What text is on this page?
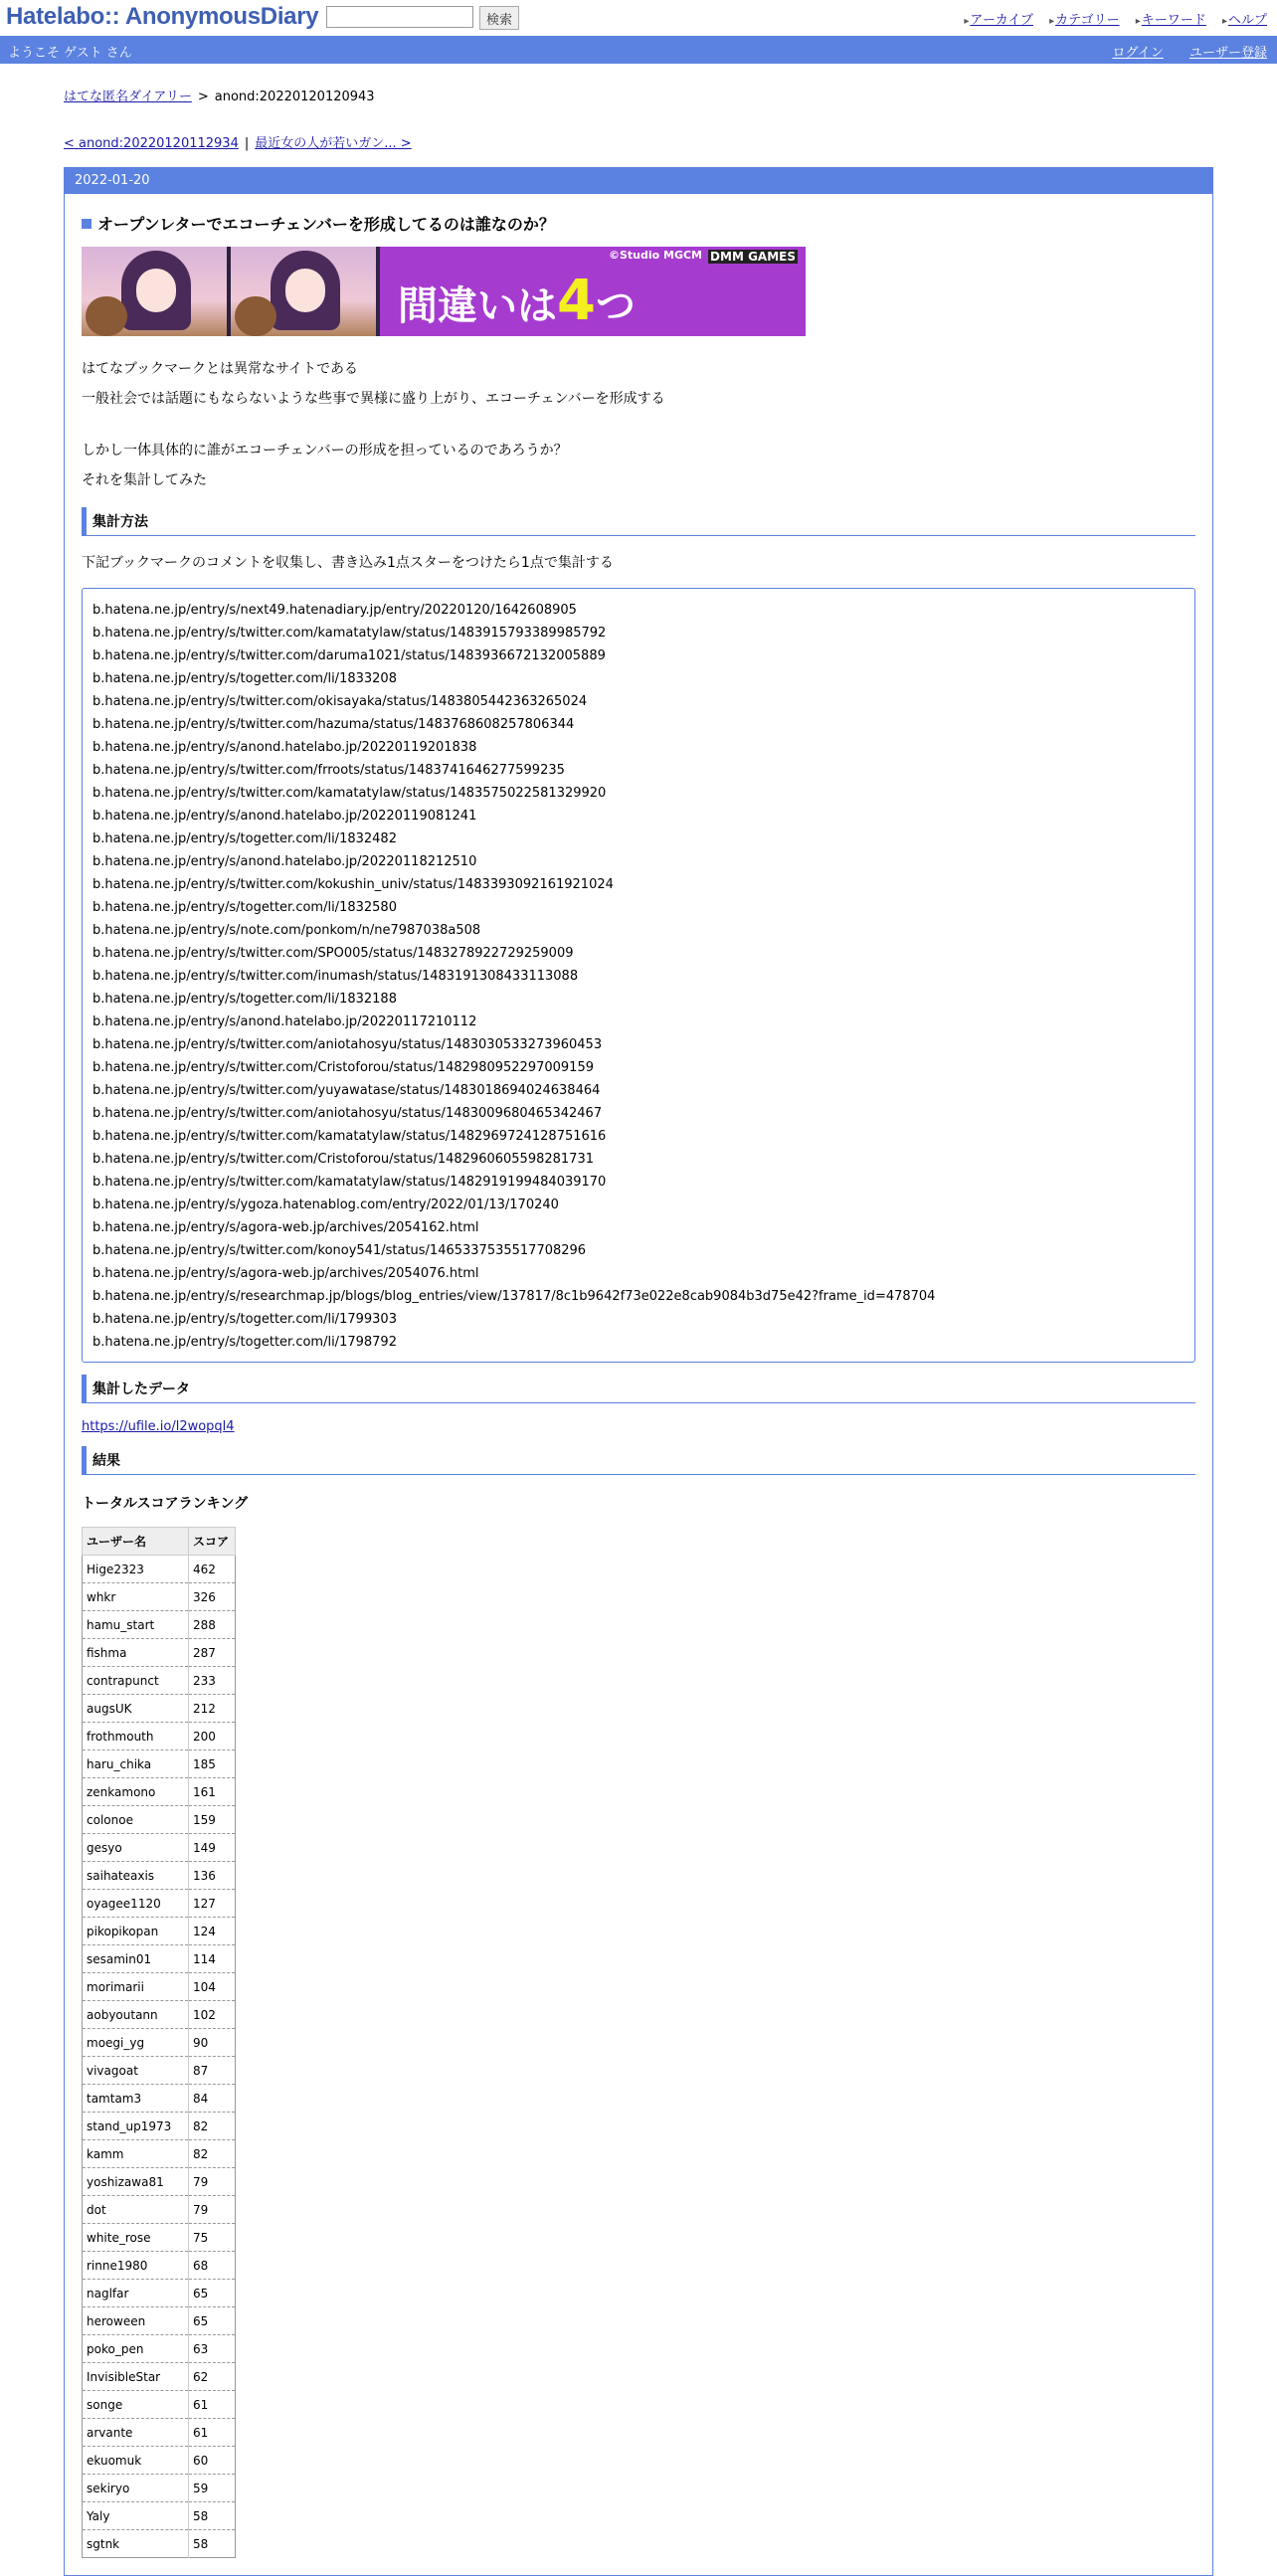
Hatelabo:: AnonymousDiary	検索	▸ アーカイブ ▸ カテゴリー ▸ キーワード ▸ ヘルプ
ようこそ ゲスト さん	ログイン ユーザー登録
はてな匿名ダイアリー > anond:20220120120943
< anond:20220120112934 | 最近女の人が若いガン... >
2022-01-20
オープンレターでエコーチェンバーを形成してるのは誰なのか？
©Studio MGCM DMM GAMES
間違いは4つ

はてなブックマークとは異常なサイトである

一般社会では話題にもならないような些事で異様に盛り上がり、エコーチェンバーを形成する

しかし一体具体的に誰がエコーチェンバーの形成を担っているのであろうか？

それを集計してみた

集計方法
下記ブックマークのコメントを収集し、書き込み1点スターをつけたら1点で集計する
b.hatena.ne.jp/entry/s/next49.hatenadiary.jp/entry/20220120/1642608905
b.hatena.ne.jp/entry/s/twitter.com/kamatatylaw/status/1483915793389985792
b.hatena.ne.jp/entry/s/twitter.com/daruma1021/status/1483936672132005889
b.hatena.ne.jp/entry/s/togetter.com/li/1833208
b.hatena.ne.jp/entry/s/twitter.com/okisayaka/status/1483805442363265024
b.hatena.ne.jp/entry/s/twitter.com/hazuma/status/1483768608257806344
b.hatena.ne.jp/entry/s/anond.hatelabo.jp/20220119201838
b.hatena.ne.jp/entry/s/twitter.com/frroots/status/1483741646277599235
b.hatena.ne.jp/entry/s/twitter.com/kamatatylaw/status/1483575022581329920
b.hatena.ne.jp/entry/s/anond.hatelabo.jp/20220119081241
b.hatena.ne.jp/entry/s/togetter.com/li/1832482
b.hatena.ne.jp/entry/s/anond.hatelabo.jp/20220118212510
b.hatena.ne.jp/entry/s/twitter.com/kokushin_univ/status/1483393092161921024
b.hatena.ne.jp/entry/s/togetter.com/li/1832580
b.hatena.ne.jp/entry/s/note.com/ponkom/n/ne7987038a508
b.hatena.ne.jp/entry/s/twitter.com/SPO005/status/1483278922729259009
b.hatena.ne.jp/entry/s/twitter.com/inumash/status/1483191308433113088
b.hatena.ne.jp/entry/s/togetter.com/li/1832188
b.hatena.ne.jp/entry/s/anond.hatelabo.jp/20220117210112
b.hatena.ne.jp/entry/s/twitter.com/aniotahosyu/status/1483030533273960453
b.hatena.ne.jp/entry/s/twitter.com/Cristoforou/status/1482980952297009159
b.hatena.ne.jp/entry/s/twitter.com/yuyawatase/status/1483018694024638464
b.hatena.ne.jp/entry/s/twitter.com/aniotahosyu/status/1483009680465342467
b.hatena.ne.jp/entry/s/twitter.com/kamatatylaw/status/1482969724128751616
b.hatena.ne.jp/entry/s/twitter.com/Cristoforou/status/1482960605598281731
b.hatena.ne.jp/entry/s/twitter.com/kamatatylaw/status/1482919199484039170
b.hatena.ne.jp/entry/s/ygoza.hatenablog.com/entry/2022/01/13/170240
b.hatena.ne.jp/entry/s/agora-web.jp/archives/2054162.html
b.hatena.ne.jp/entry/s/twitter.com/konoy541/status/1465337535517708296
b.hatena.ne.jp/entry/s/agora-web.jp/archives/2054076.html
b.hatena.ne.jp/entry/s/researchmap.jp/blogs/blog_entries/view/137817/8c1b9642f73e022e8cab9084b3d75e42?frame_id=478704
b.hatena.ne.jp/entry/s/togetter.com/li/1799303
b.hatena.ne.jp/entry/s/togetter.com/li/1798792
集計したデータ
https://ufile.io/l2wopql4
結果
トータルスコアランキング
ユーザー名	スコア
Hige2323	462
whkr	326
hamu_start	288
fishma	287
contrapunct	233
augsUK	212
frothmouth	200
haru_chika	185
zenkamono	161
colonoe	159
gesyo	149
saihateaxis	136
oyagee1120	127
pikopikopan	124
sesamin01	114
morimarii	104
aobyoutann	102
moegi_yg	90
vivagoat	87
tamtam3	84
stand_up1973	82
kamm	82
yoshizawa81	79
dot	79
white_rose	75
rinne1980	68
naglfar	65
heroween	65
poko_pen	63
InvisibleStar	62
songe	61
arvante	61
ekuomuk	60
sekiryo	59
Yaly	58
sgtnk	58
